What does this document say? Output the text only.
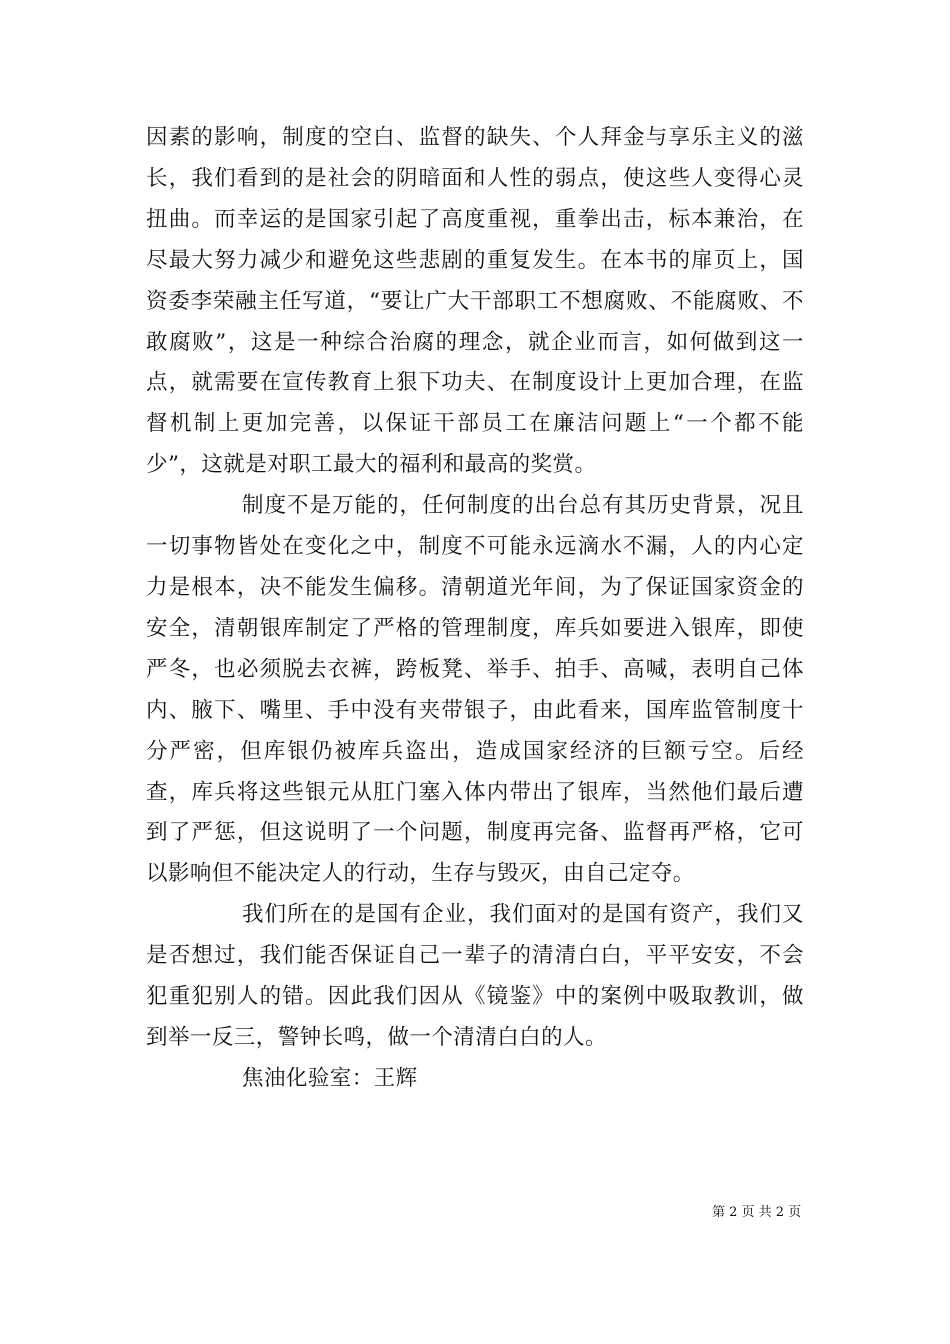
因素的影响，制度的空白、监督的缺失、个人拜金与享乐主义的滋长，我们看到的是社会的阴暗面和人性的弱点，使这些人变得心灵扭曲。而幸运的是国家引起了高度重视，重拳出击，标本兼治，在尽最大努力减少和避免这些悲剧的重复发生。在本书的扉页上，国资委李荣融主任写道，“要让广大干部职工不想腐败、不能腐败、不敢腐败”，这是一种综合治腐的理念，就企业而言，如何做到这一点，就需要在宣传教育上狠下功夫、在制度设计上更加合理，在监督机制上更加完善，以保证干部员工在廉洁问题上“一个都不能少”，这就是对职工最大的福利和最高的奖赏。

制度不是万能的，任何制度的出台总有其历史背景，况且一切事物皆处在变化之中，制度不可能永远滴水不漏，人的内心定力是根本，决不能发生偏移。清朝道光年间，为了保证国家资金的安全，清朝银库制定了严格的管理制度，库兵如要进入银库，即使严冬，也必须脱去衣裤，跨板凳、举手、拍手、高喊，表明自己体内、腋下、嘴里、手中没有夹带银子，由此看来，国库监管制度十分严密，但库银仍被库兵盗出，造成国家经济的巨额亏空。后经查，库兵将这些银元从肛门塞入体内带出了银库，当然他们最后遭到了严惩，但这说明了一个问题，制度再完备、监督再严格，它可以影响但不能决定人的行动，生存与毁灭，由自己定夺。

我们所在的是国有企业，我们面对的是国有资产，我们又是否想过，我们能否保证自己一辈子的清清白白，平平安安，不会犯重犯别人的错。因此我们因从《镜鉴》中的案例中吸取教训，做到举一反三，警钟长鸣，做一个清清白白的人。

焦油化验室：王辉

第 2 页 共 2 页
